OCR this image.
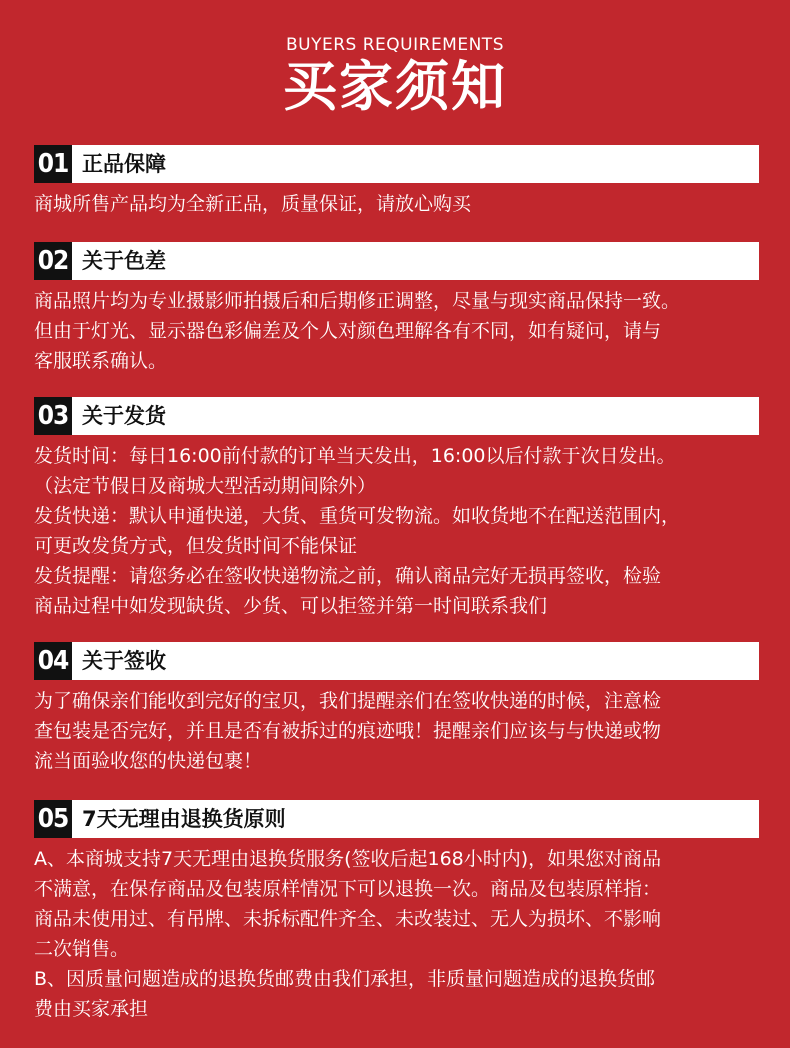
BUYERS REQUIREMENTS
买家须知
01 正品保障
商城所售产品均为全新正品，质量保证，请放心购买
02 关于色差
商品照片均为专业摄影师拍摄后和后期修正调整，尽量与现实商品保持一致。
但由于灯光、显示器色彩偏差及个人对颜色理解各有不同，如有疑问，请与
客服联系确认。
03 关于发货
发货时间：每日16:00前付款的订单当天发出，16:00以后付款于次日发出。
（法定节假日及商城大型活动期间除外）
发货快递：默认申通快递，大货、重货可发物流。如收货地不在配送范围内，
可更改发货方式，但发货时间不能保证
发货提醒：请您务必在签收快递物流之前，确认商品完好无损再签收，检验
商品过程中如发现缺货、少货、可以拒签并第一时间联系我们
04 关于签收
为了确保亲们能收到完好的宝贝，我们提醒亲们在签收快递的时候，注意检
查包装是否完好，并且是否有被拆过的痕迹哦！提醒亲们应该与与快递或物
流当面验收您的快递包裹！
05 7天无理由退换货原则
A、本商城支持7天无理由退换货服务(签收后起168小时内)，如果您对商品
不满意，在保存商品及包装原样情况下可以退换一次。商品及包装原样指：
商品未使用过、有吊牌、未拆标配件齐全、未改装过、无人为损坏、不影响
二次销售。
B、因质量问题造成的退换货邮费由我们承担，非质量问题造成的退换货邮
费由买家承担
